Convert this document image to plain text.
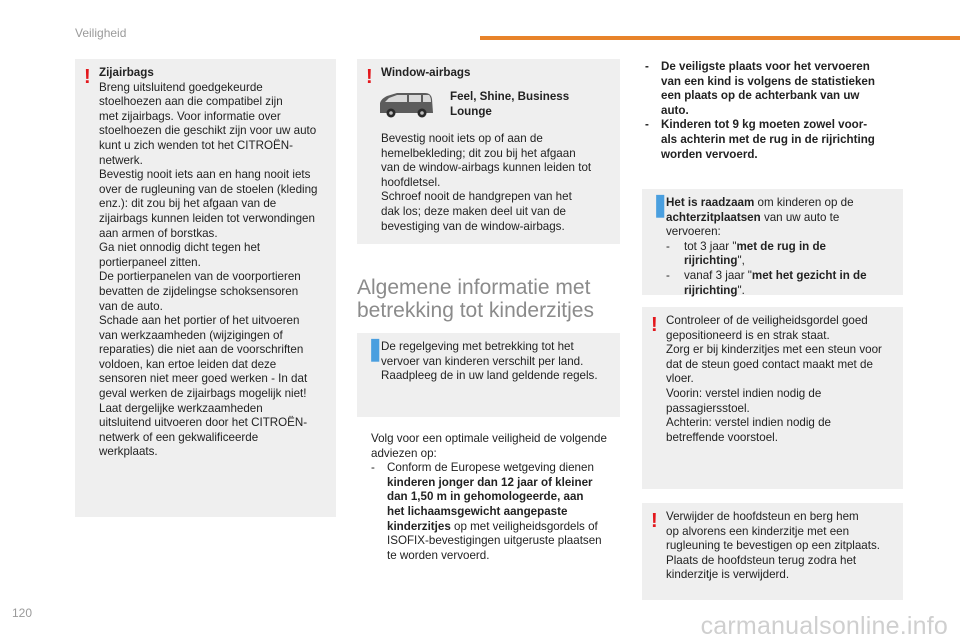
Veiligheid
! Zijairbags
Breng uitsluitend goedgekeurde
stoelhoezen aan die compatibel zijn
met zijairbags. Voor informatie over
stoelhoezen die geschikt zijn voor uw auto
kunt u zich wenden tot het CITROËN-
netwerk.
Bevestig nooit iets aan en hang nooit iets
over de rugleuning van de stoelen (kleding
enz.): dit zou bij het afgaan van de
zijairbags kunnen leiden tot verwondingen
aan armen of borstkas.
Ga niet onnodig dicht tegen het
portierpaneel zitten.
De portierpanelen van de voorportieren
bevatten de zijdelingse schoksensoren
van de auto.
Schade aan het portier of het uitvoeren
van werkzaamheden (wijzigingen of
reparaties) die niet aan de voorschriften
voldoen, kan ertoe leiden dat deze
sensoren niet meer goed werken - In dat
geval werken de zijairbags mogelijk niet!
Laat dergelijke werkzaamheden
uitsluitend uitvoeren door het CITROËN-
netwerk of een gekwalificeerde
werkplaats.
! Window-airbags
Feel, Shine, Business
Lounge
Bevestig nooit iets op of aan de
hemelbekleding; dit zou bij het afgaan
van de window-airbags kunnen leiden tot
hoofdletsel.
Schroef nooit de handgrepen van het
dak los; deze maken deel uit van de
bevestiging van de window-airbags.
Algemene informatie met
betrekking tot kinderzitjes
❚
De regelgeving met betrekking tot het
vervoer van kinderen verschilt per land.
Raadpleeg de in uw land geldende regels.
Volg voor een optimale veiligheid de volgende
adviezen op:
- Conform de Europese wetgeving dienen
kinderen jonger dan 12 jaar of kleiner
dan 1,50 m in gehomologeerde, aan
het lichaamsgewicht aangepaste
kinderzitjes op met veiligheidsgordels of
ISOFIX-bevestigingen uitgeruste plaatsen
te worden vervoerd.
- De veiligste plaats voor het vervoeren
van een kind is volgens de statistieken
een plaats op de achterbank van uw
auto.
- Kinderen tot 9 kg moeten zowel voor-
als achterin met de rug in de rijrichting
worden vervoerd.
❚
Het is raadzaam om kinderen op de
achterzitplaatsen van uw auto te
vervoeren:
- tot 3 jaar "met de rug in de
rijrichting",
- vanaf 3 jaar "met het gezicht in de
rijrichting".
! Controleer of de veiligheidsgordel goed
gepositioneerd is en strak staat.
Zorg er bij kinderzitjes met een steun voor
dat de steun goed contact maakt met de
vloer.
Voorin: verstel indien nodig de
passagiersstoel.
Achterin: verstel indien nodig de
betreffende voorstoel.
! Verwijder de hoofdsteun en berg hem
op alvorens een kinderzitje met een
rugleuning te bevestigen op een zitplaats.
Plaats de hoofdsteun terug zodra het
kinderzitje is verwijderd.
120	carmanualsonline.info
